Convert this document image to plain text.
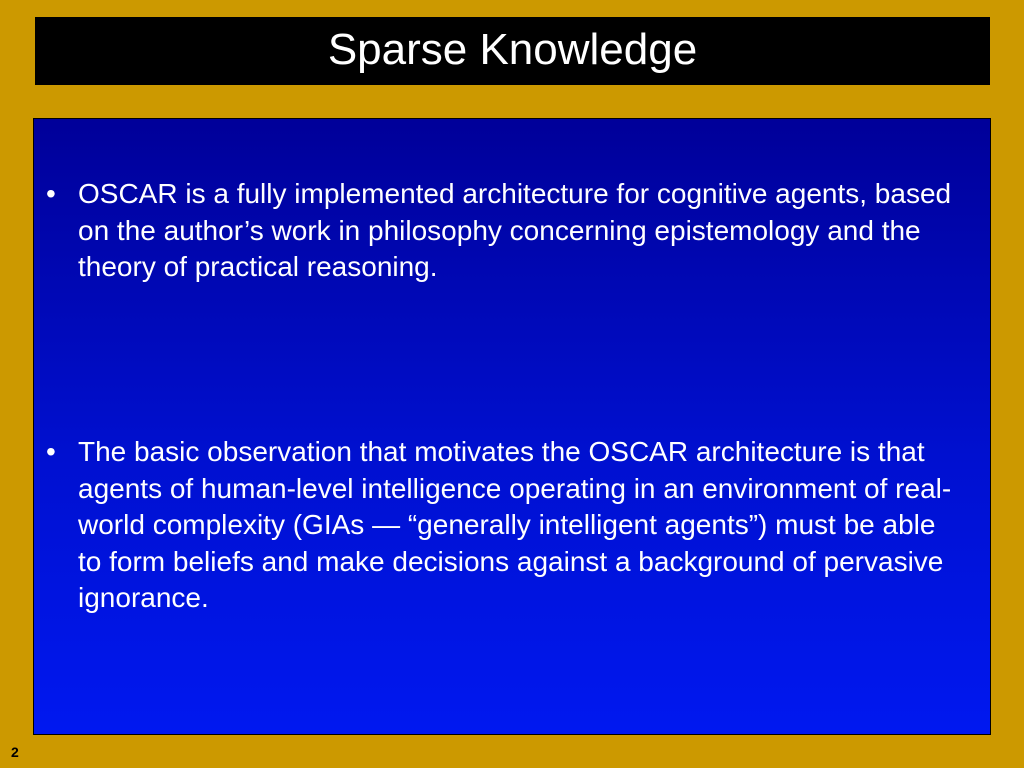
Sparse Knowledge
• OSCAR is a fully implemented architecture for cognitive agents, based on the author’s work in philosophy concerning epistemology and the theory of practical reasoning.
• The basic observation that motivates the OSCAR architecture is that agents of human-level intelligence operating in an environment of real-world complexity (GIAs — “generally intelligent agents”) must be able to form beliefs and make decisions against a background of pervasive ignorance.
2
